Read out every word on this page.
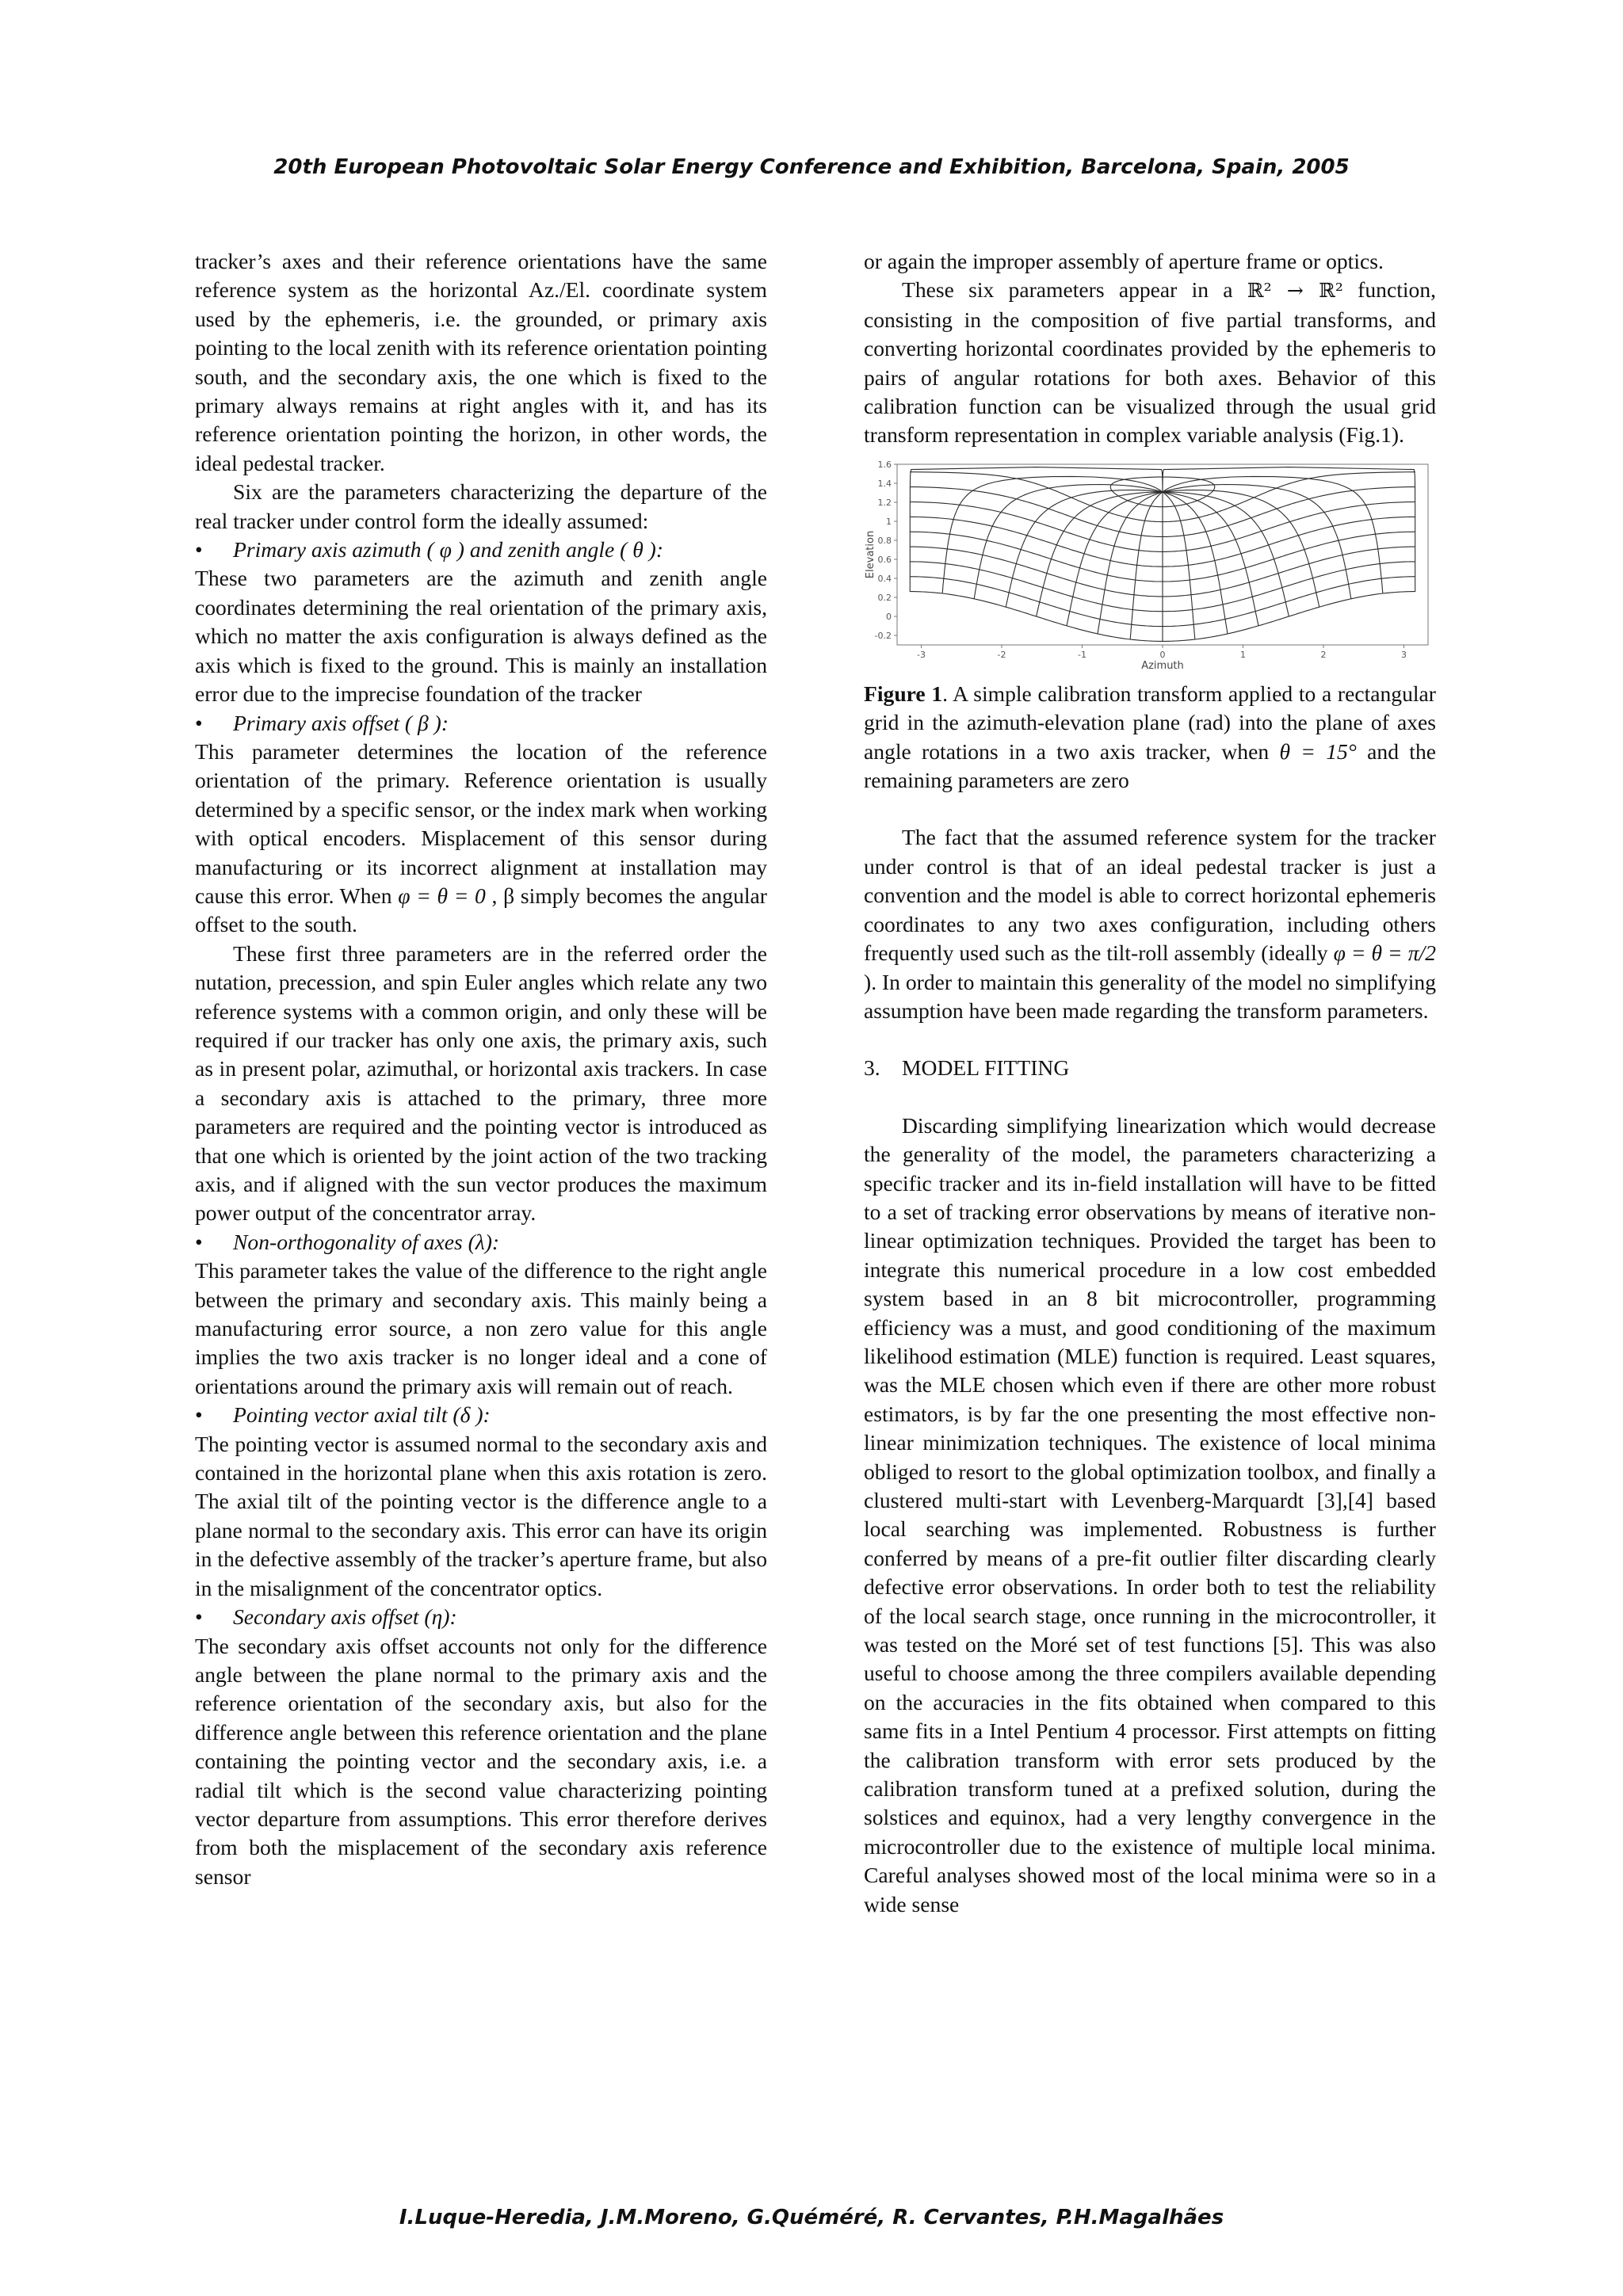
20th European Photovoltaic Solar Energy Conference and Exhibition, Barcelona, Spain, 2005

tracker’s axes and their reference orientations have the same reference system as the horizontal Az./El. coordinate system used by the ephemeris, i.e. the grounded, or primary axis pointing to the local zenith with its reference orientation pointing south, and the secondary axis, the one which is fixed to the primary always remains at right angles with it, and has its reference orientation pointing the horizon, in other words, the ideal pedestal tracker.

Six are the parameters characterizing the departure of the real tracker under control form the ideally assumed:

• Primary axis azimuth ( φ ) and zenith angle ( θ ):

These two parameters are the azimuth and zenith angle coordinates determining the real orientation of the primary axis, which no matter the axis configuration is always defined as the axis which is fixed to the ground. This is mainly an installation error due to the imprecise foundation of the tracker

• Primary axis offset ( β ):

This parameter determines the location of the reference orientation of the primary. Reference orientation is usually determined by a specific sensor, or the index mark when working with optical encoders. Misplacement of this sensor during manufacturing or its incorrect alignment at installation may cause this error. When φ = θ = 0 , β simply becomes the angular offset to the south.

These first three parameters are in the referred order the nutation, precession, and spin Euler angles which relate any two reference systems with a common origin, and only these will be required if our tracker has only one axis, the primary axis, such as in present polar, azimuthal, or horizontal axis trackers. In case a secondary axis is attached to the primary, three more parameters are required and the pointing vector is introduced as that one which is oriented by the joint action of the two tracking axis, and if aligned with the sun vector produces the maximum power output of the concentrator array.

• Non-orthogonality of axes (λ):

This parameter takes the value of the difference to the right angle between the primary and secondary axis. This mainly being a manufacturing error source, a non zero value for this angle implies the two axis tracker is no longer ideal and a cone of orientations around the primary axis will remain out of reach.

• Pointing vector axial tilt (δ ):

The pointing vector is assumed normal to the secondary axis and contained in the horizontal plane when this axis rotation is zero. The axial tilt of the pointing vector is the difference angle to a plane normal to the secondary axis. This error can have its origin in the defective assembly of the tracker’s aperture frame, but also in the misalignment of the concentrator optics.

• Secondary axis offset (η):

The secondary axis offset accounts not only for the difference angle between the plane normal to the primary axis and the reference orientation of the secondary axis, but also for the difference angle between this reference orientation and the plane containing the pointing vector and the secondary axis, i.e. a radial tilt which is the second value characterizing pointing vector departure from assumptions. This error therefore derives from both the misplacement of the secondary axis reference sensor

or again the improper assembly of aperture frame or optics.

These six parameters appear in a ℝ² → ℝ² function, consisting in the composition of five partial transforms, and converting horizontal coordinates provided by the ephemeris to pairs of angular rotations for both axes. Behavior of this calibration function can be visualized through the usual grid transform representation in complex variable analysis (Fig.1).

-3	-2	-1	0	1	2	3
1.6
1.4
1.2
1
0.8
0.6
0.4
0.2
0
-0.2
Azimuth
Elevation

Figure 1. A simple calibration transform applied to a rectangular grid in the azimuth-elevation plane (rad) into the plane of axes angle rotations in a two axis tracker, when θ = 15° and the remaining parameters are zero

The fact that the assumed reference system for the tracker under control is that of an ideal pedestal tracker is just a convention and the model is able to correct horizontal ephemeris coordinates to any two axes configuration, including others frequently used such as the tilt-roll assembly (ideally φ = θ = π/2 ). In order to maintain this generality of the model no simplifying assumption have been made regarding the transform parameters.

3. MODEL FITTING

Discarding simplifying linearization which would decrease the generality of the model, the parameters characterizing a specific tracker and its in-field installation will have to be fitted to a set of tracking error observations by means of iterative non-linear optimization techniques. Provided the target has been to integrate this numerical procedure in a low cost embedded system based in an 8 bit microcontroller, programming efficiency was a must, and good conditioning of the maximum likelihood estimation (MLE) function is required. Least squares, was the MLE chosen which even if there are other more robust estimators, is by far the one presenting the most effective non-linear minimization techniques. The existence of local minima obliged to resort to the global optimization toolbox, and finally a clustered multi-start with Levenberg-Marquardt [3],[4] based local searching was implemented. Robustness is further conferred by means of a pre-fit outlier filter discarding clearly defective error observations. In order both to test the reliability of the local search stage, once running in the microcontroller, it was tested on the Moré set of test functions [5]. This was also useful to choose among the three compilers available depending on the accuracies in the fits obtained when compared to this same fits in a Intel Pentium 4 processor. First attempts on fitting the calibration transform with error sets produced by the calibration transform tuned at a prefixed solution, during the solstices and equinox, had a very lengthy convergence in the microcontroller due to the existence of multiple local minima. Careful analyses showed most of the local minima were so in a wide sense

I.Luque-Heredia, J.M.Moreno, G.Quéméré, R. Cervantes, P.H.Magalhães
